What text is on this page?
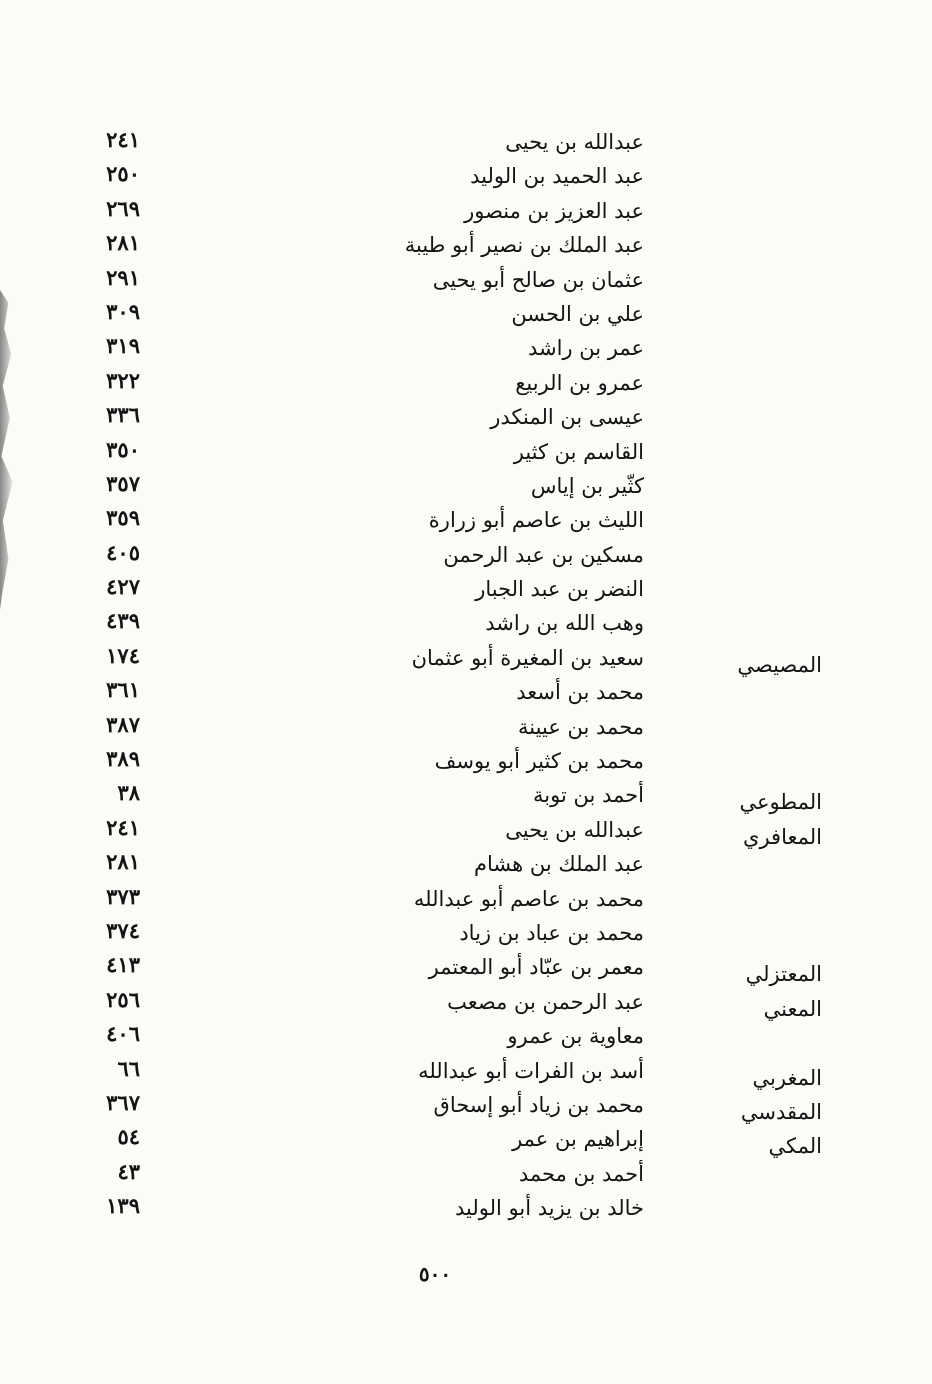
عبدالله بن يحيى
٢٤١
عبد الحميد بن الوليد
٢٥٠
عبد العزيز بن منصور
٢٦٩
عبد الملك بن نصير أبو طيبة
٢٨١
عثمان بن صالح أبو يحيى
٢٩١
علي بن الحسن
٣٠٩
عمر بن راشد
٣١٩
عمرو بن الربيع
٣٢٢
عيسى بن المنكدر
٣٣٦
القاسم بن كثير
٣٥٠
كثّير بن إياس
٣٥٧
الليث بن عاصم أبو زرارة
٣٥٩
مسكين بن عبد الرحمن
٤٠٥
النضر بن عبد الجبار
٤٢٧
وهب الله بن راشد
٤٣٩
المصيصي
سعيد بن المغيرة أبو عثمان
١٧٤
محمد بن أسعد
٣٦١
محمد بن عيينة
٣٨٧
محمد بن كثير أبو يوسف
٣٨٩
المطوعي
أحمد بن توبة
٣٨
المعافري
عبدالله بن يحيى
٢٤١
عبد الملك بن هشام
٢٨١
محمد بن عاصم أبو عبدالله
٣٧٣
محمد بن عباد بن زياد
٣٧٤
المعتزلي
معمر بن عبّاد أبو المعتمر
٤١٣
المعني
عبد الرحمن بن مصعب
٢٥٦
معاوية بن عمرو
٤٠٦
المغربي
أسد بن الفرات أبو عبدالله
٦٦
المقدسي
محمد بن زياد أبو إسحاق
٣٦٧
المكي
إبراهيم بن عمر
٥٤
أحمد بن محمد
٤٣
خالد بن يزيد أبو الوليد
١٣٩
٥٠٠
